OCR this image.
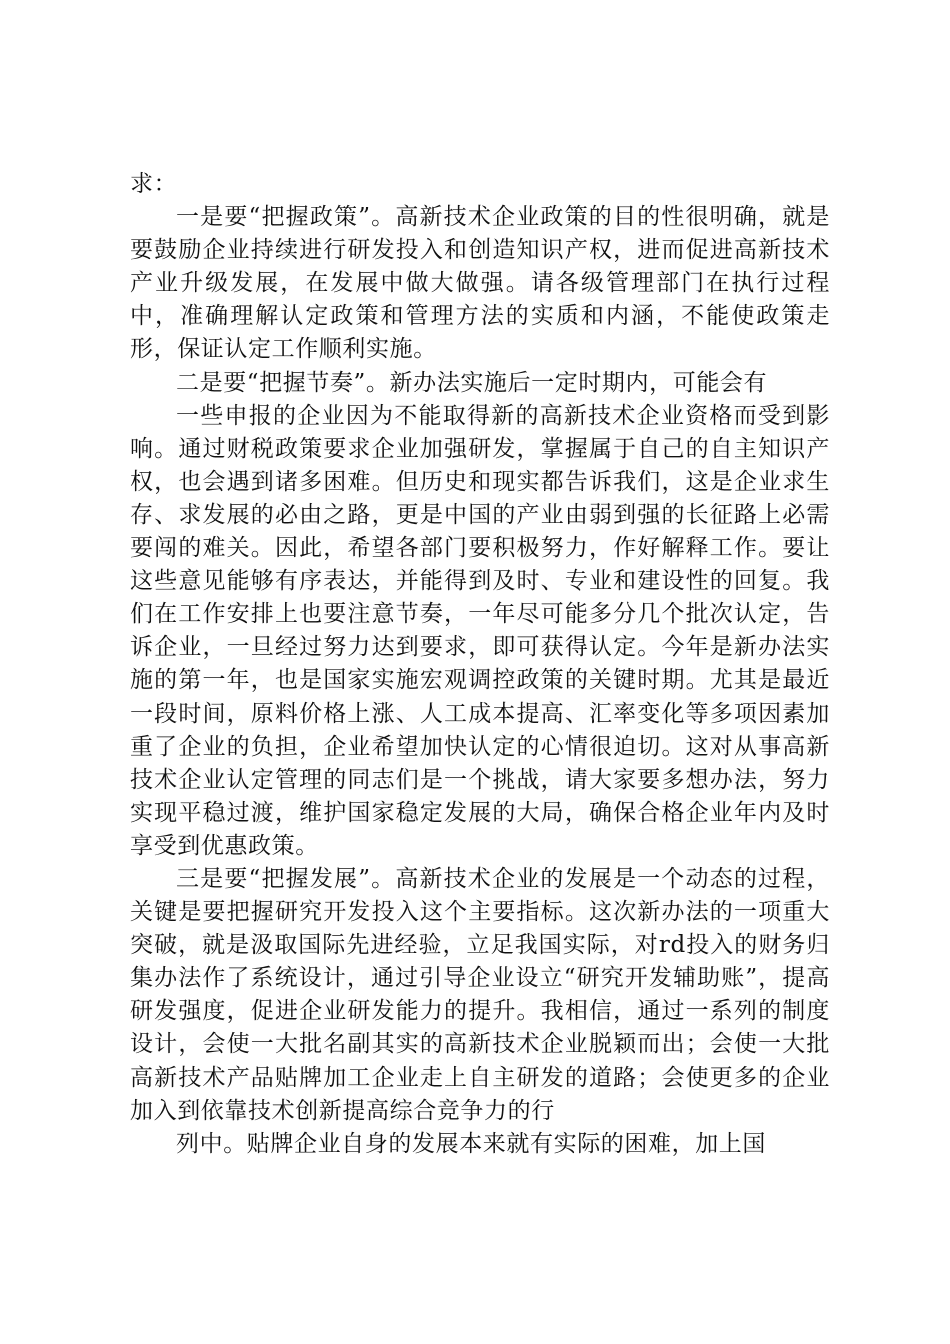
求：

一是要“把握政策”。高新技术企业政策的目的性很明确，就是要鼓励企业持续进行研发投入和创造知识产权，进而促进高新技术产业升级发展，在发展中做大做强。请各级管理部门在执行过程中，准确理解认定政策和管理方法的实质和内涵，不能使政策走形，保证认定工作顺利实施。

二是要“把握节奏”。新办法实施后一定时期内，可能会有

一些申报的企业因为不能取得新的高新技术企业资格而受到影响。通过财税政策要求企业加强研发，掌握属于自己的自主知识产权，也会遇到诸多困难。但历史和现实都告诉我们，这是企业求生存、求发展的必由之路，更是中国的产业由弱到强的长征路上必需要闯的难关。因此，希望各部门要积极努力，作好解释工作。要让这些意见能够有序表达，并能得到及时、专业和建设性的回复。我们在工作安排上也要注意节奏，一年尽可能多分几个批次认定，告诉企业，一旦经过努力达到要求，即可获得认定。今年是新办法实施的第一年，也是国家实施宏观调控政策的关键时期。尤其是最近一段时间，原料价格上涨、人工成本提高、汇率变化等多项因素加重了企业的负担，企业希望加快认定的心情很迫切。这对从事高新技术企业认定管理的同志们是一个挑战，请大家要多想办法，努力实现平稳过渡，维护国家稳定发展的大局，确保合格企业年内及时享受到优惠政策。

三是要“把握发展”。高新技术企业的发展是一个动态的过程，关键是要把握研究开发投入这个主要指标。这次新办法的一项重大突破，就是汲取国际先进经验，立足我国实际，对rd投入的财务归集办法作了系统设计，通过引导企业设立“研究开发辅助账”，提高研发强度，促进企业研发能力的提升。我相信，通过一系列的制度设计，会使一大批名副其实的高新技术企业脱颖而出；会使一大批高新技术产品贴牌加工企业走上自主研发的道路；会使更多的企业加入到依靠技术创新提高综合竞争力的行

列中。贴牌企业自身的发展本来就有实际的困难，加上国
